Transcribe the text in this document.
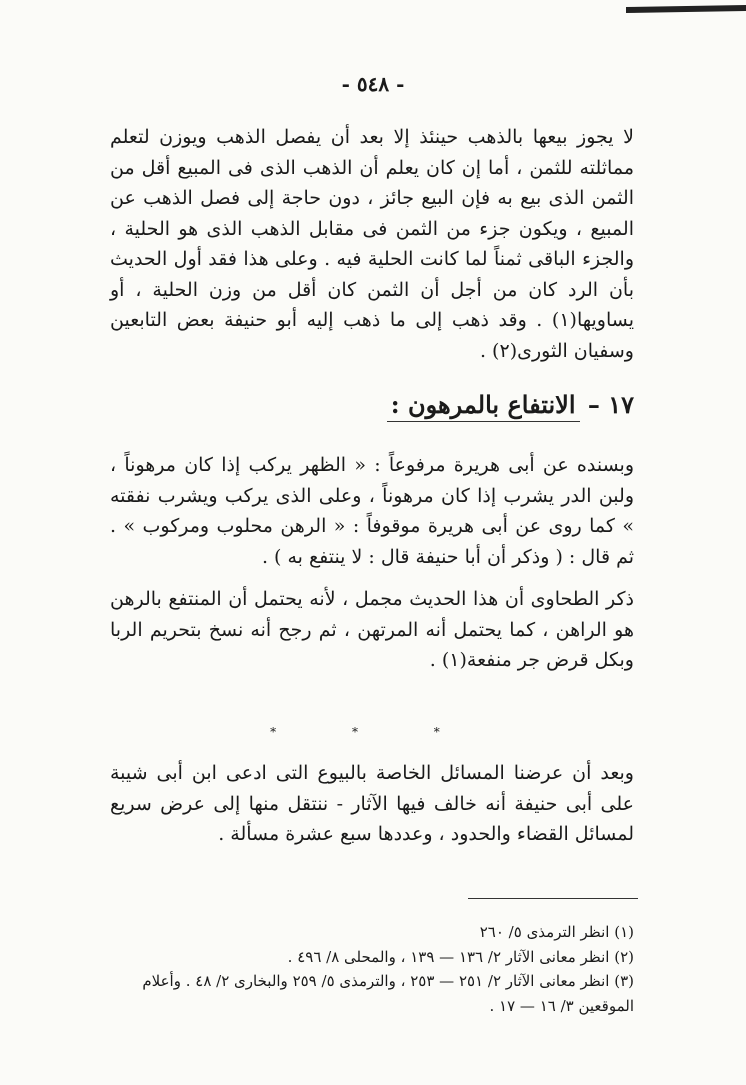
- ٥٤٨ -

لا يجوز بيعها بالذهب حينئذ إلا بعد أن يفصل الذهب ويوزن لتعلم مماثلته للثمن ، أما إن كان يعلم أن الذهب الذى فى المبيع أقل من الثمن الذى بيع به فإن البيع جائز ، دون حاجة إلى فصل الذهب عن المبيع ، ويكون جزء من الثمن فى مقابل الذهب الذى هو الحلية ، والجزء الباقى ثمناً لما كانت الحلية فيه . وعلى هذا فقد أول الحديث بأن الرد كان من أجل أن الثمن كان أقل من وزن الحلية ، أو يساويها(١) . وقد ذهب إلى ما ذهب إليه أبو حنيفة بعض التابعين وسفيان الثورى(٢) .

١٧ – الانتفاع بالمرهون :

وبسنده عن أبى هريرة مرفوعاً : « الظهر يركب إذا كان مرهوناً ، ولبن الدر يشرب إذا كان مرهوناً ، وعلى الذى يركب ويشرب نفقته » كما روى عن أبى هريرة موقوفاً : « الرهن محلوب ومركوب » . ثم قال : ( وذكر أن أبا حنيفة قال : لا ينتفع به ) .

ذكر الطحاوى أن هذا الحديث مجمل ، لأنه يحتمل أن المنتفع بالرهن هو الراهن ، كما يحتمل أنه المرتهن ، ثم رجح أنه نسخ بتحريم الربا وبكل قرض جر منفعة(١) .

* * *

وبعد أن عرضنا المسائل الخاصة بالبيوع التى ادعى ابن أبى شيبة على أبى حنيفة أنه خالف فيها الآثار - ننتقل منها إلى عرض سريع لمسائل القضاء والحدود ، وعددها سبع عشرة مسألة .

(١) انظر الترمذى ٥/ ٢٦٠

(٢) انظر معانى الآثار ٢/ ١٣٦ — ١٣٩ ، والمحلى ٨/ ٤٩٦ .

(٣) انظر معانى الآثار ٢/ ٢٥١ — ٢٥٣ ، والترمذى ٥/ ٢٥٩ والبخارى ٢/ ٤٨ . وأعلام الموقعين ٣/ ١٦ — ١٧ .
